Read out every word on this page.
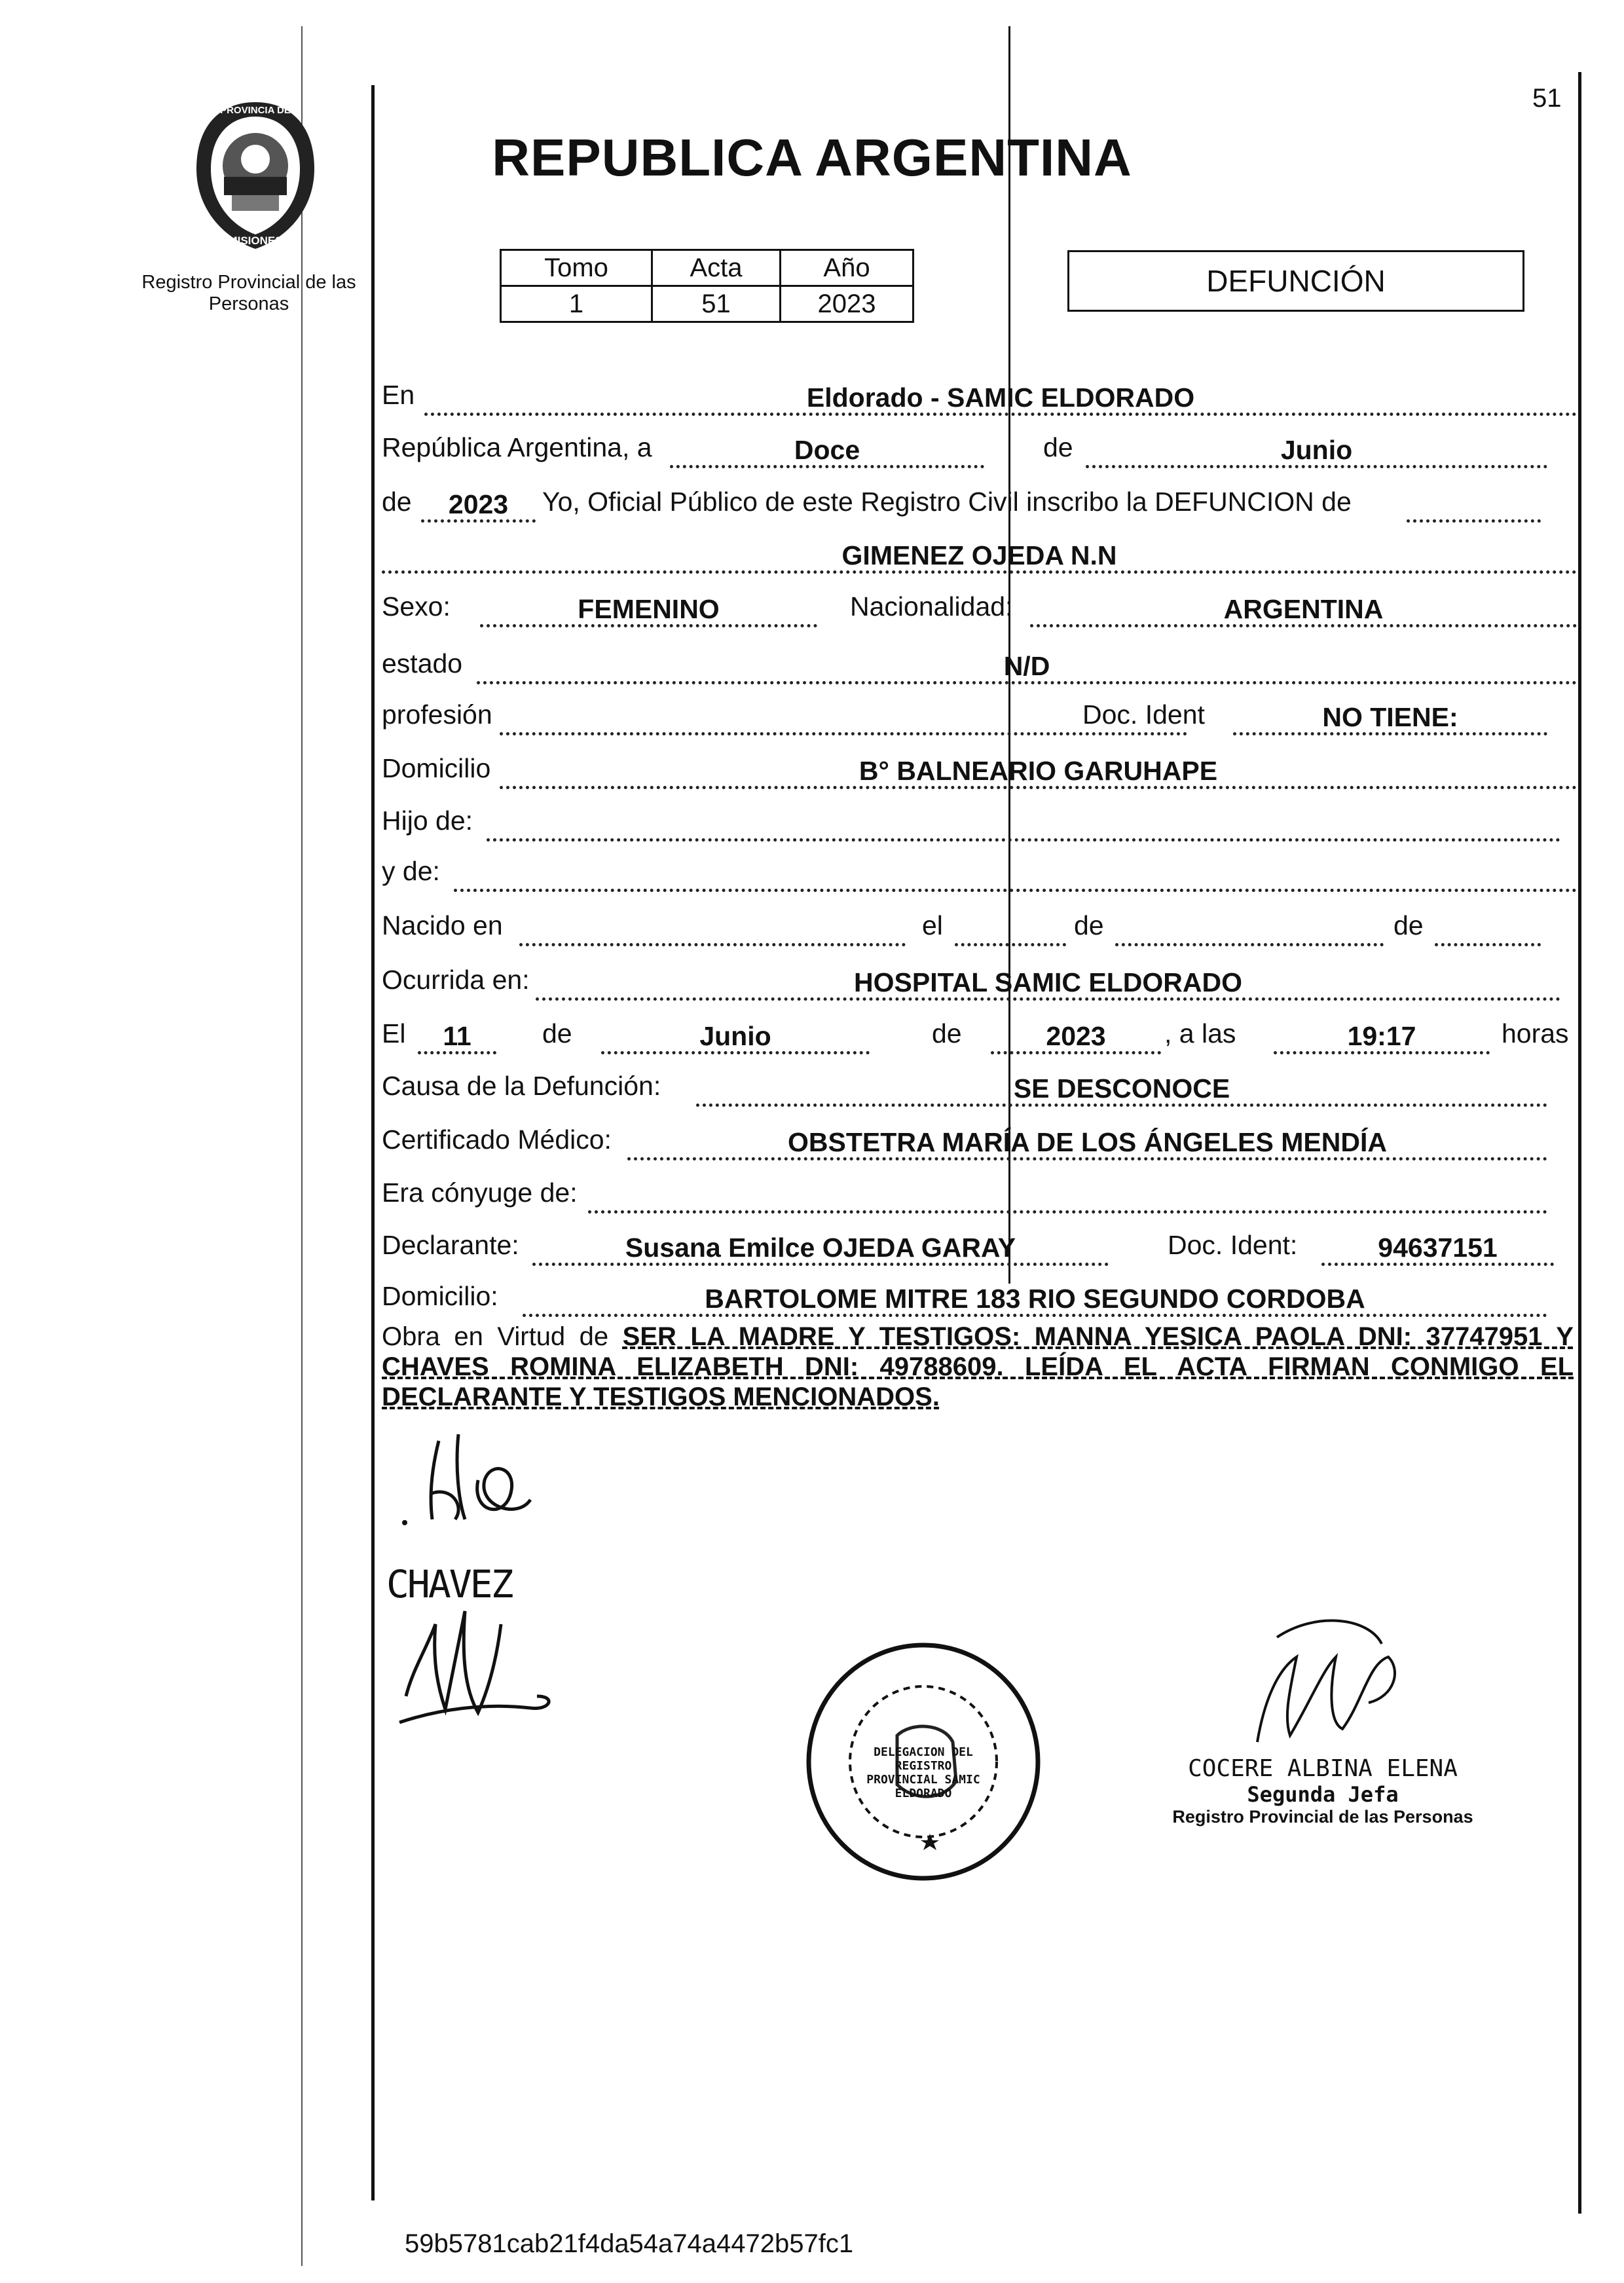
51
PROVINCIA DE
MISIONES
Registro Provincial de las Personas
REPUBLICA ARGENTINA
Tomo	Acta	Año
1	51	2023
DEFUNCIÓN
En	Eldorado - SAMIC ELDORADO
República Argentina, a	Doce	de	Junio
de	2023	Yo, Oficial Público de este Registro Civil inscribo la DEFUNCION de
GIMENEZ OJEDA N.N
Sexo:	FEMENINO	Nacionalidad:	ARGENTINA
estado	N/D
profesión	Doc. Ident	NO TIENE:
Domicilio	B° BALNEARIO GARUHAPE
Hijo de:
y de:
Nacido en	el	de	de
Ocurrida en:	HOSPITAL SAMIC ELDORADO
El	11	de	Junio	de	2023	, a las	19:17	horas
Causa de la Defunción:	SE DESCONOCE
Certificado Médico:	OBSTETRA MARÍA DE LOS ÁNGELES MENDÍA
Era cónyuge de:
Declarante:	Susana Emilce OJEDA GARAY	Doc. Ident:	94637151
Domicilio:	BARTOLOME MITRE 183 RIO SEGUNDO CORDOBA
Obra en Virtud de SER LA MADRE Y TESTIGOS: MANNA YESICA PAOLA DNI: 37747951 Y CHAVES ROMINA ELIZABETH DNI: 49788609. LEÍDA EL ACTA FIRMAN CONMIGO EL DECLARANTE Y TESTIGOS MENCIONADOS.
CHAVEZ
DELEGACION DEL REGISTRO PROVINCIAL SAMIC ELDORADO
COCERE ALBINA ELENA
Segunda Jefa
Registro Provincial de las Personas
59b5781cab21f4da54a74a4472b57fc1
